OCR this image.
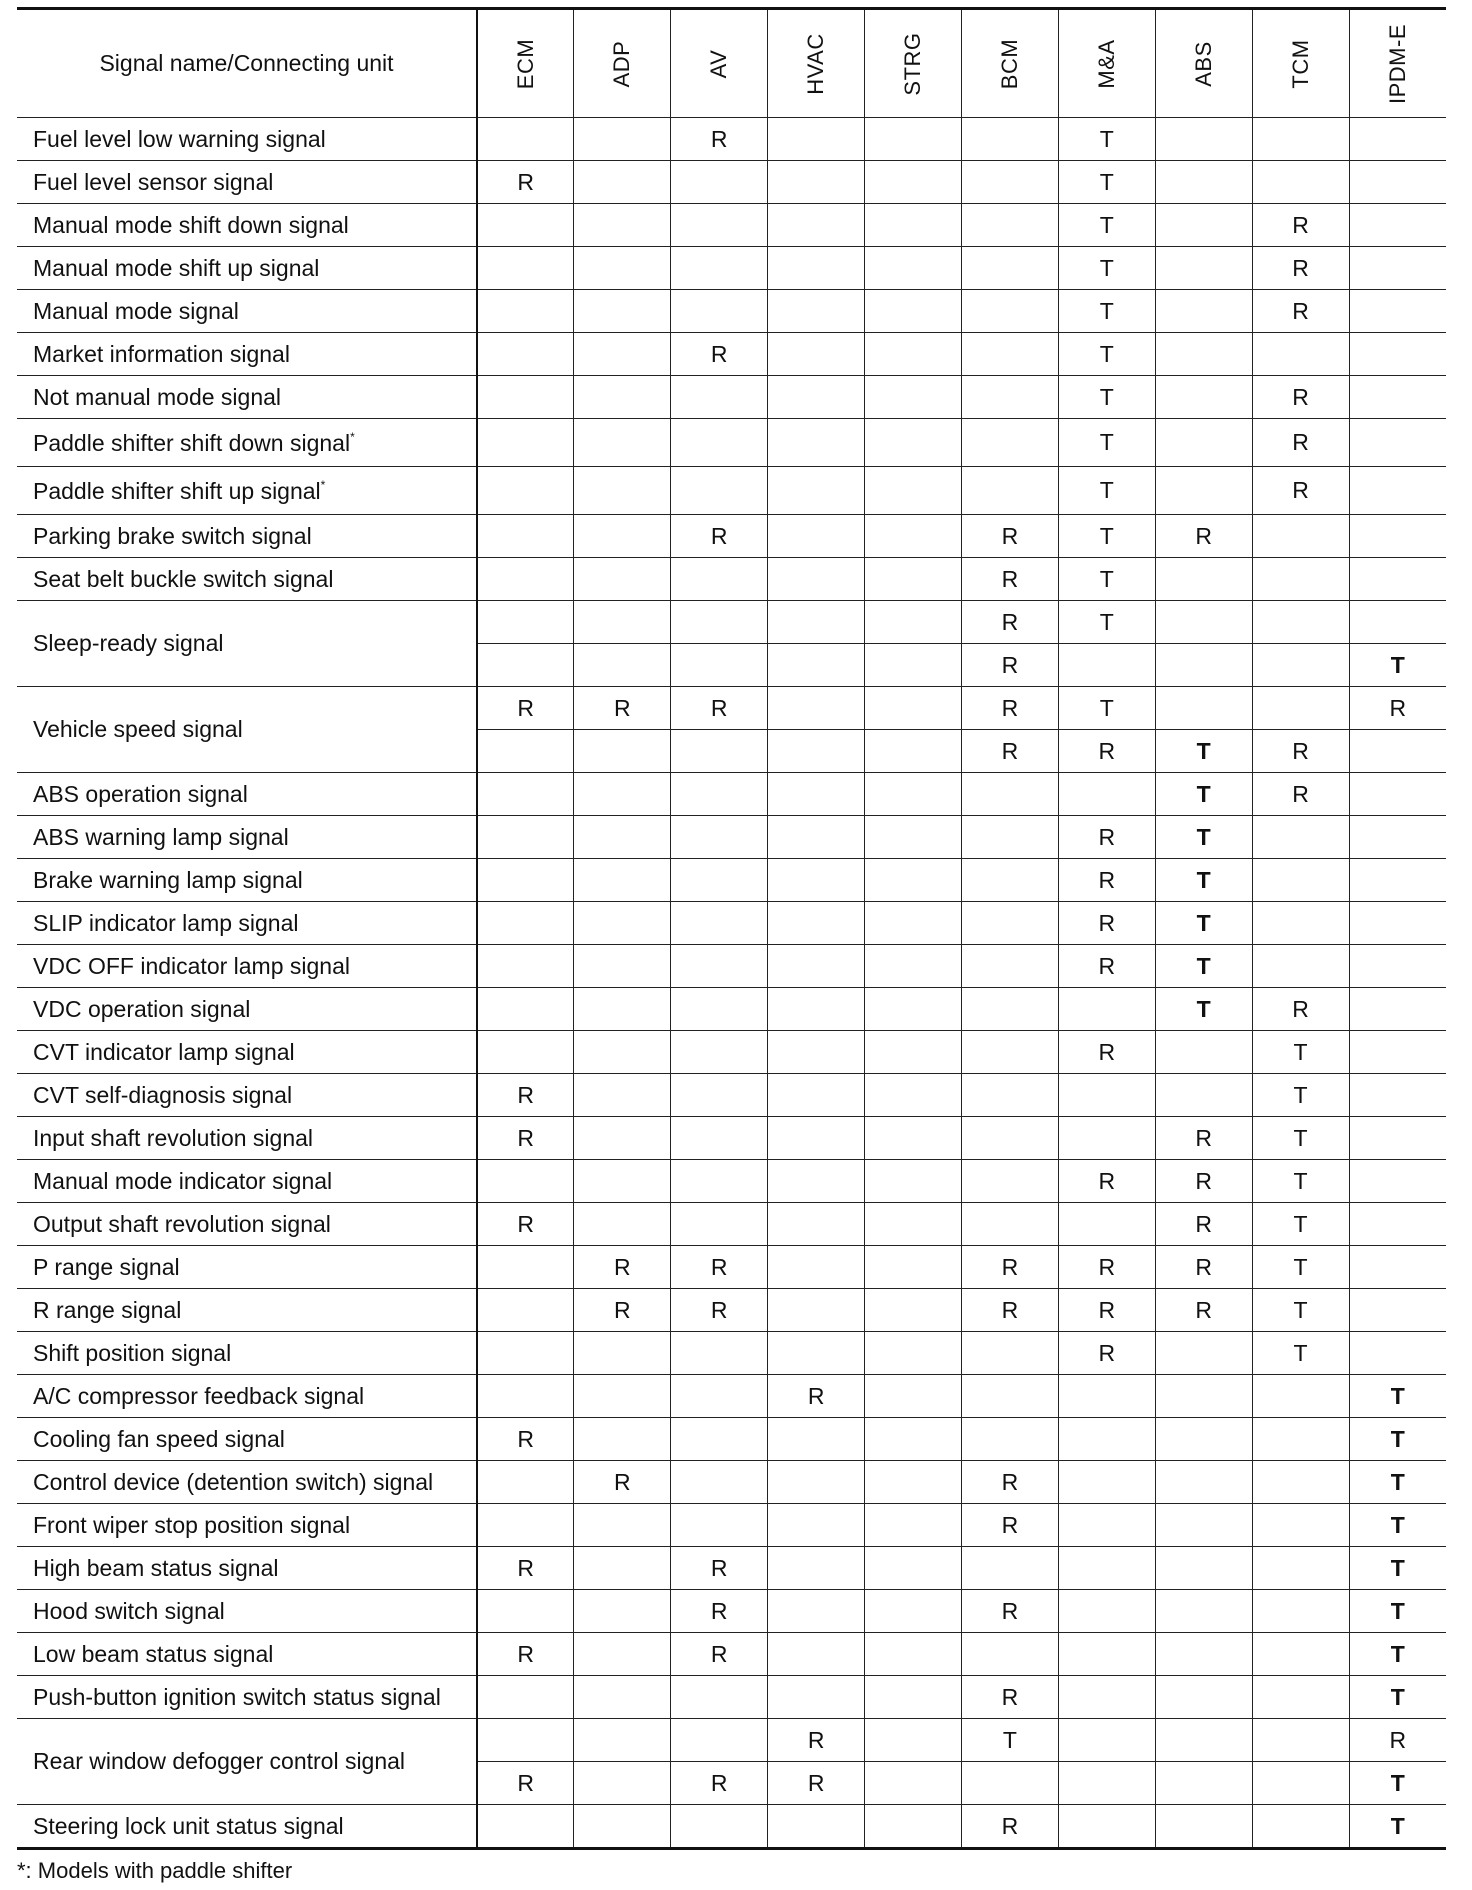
Signal name/Connecting unit	ECM	ADP	AV	HVAC	STRG	BCM	M&A	ABS	TCM	IPDM-E

Fuel level low warning signal			R				T			
Fuel level sensor signal	R						T			
Manual mode shift down signal							T		R	
Manual mode shift up signal							T		R	
Manual mode signal							T		R	
Market information signal			R				T			
Not manual mode signal							T		R	
Paddle shifter shift down signal*							T		R	
Paddle shifter shift up signal*							T		R	
Parking brake switch signal			R			R	T	R		
Seat belt buckle switch signal						R	T			
Sleep-ready signal						R	T			
						R				T
Vehicle speed signal	R	R	R			R	T			R
						R	R	T	R	
ABS operation signal								T	R	
ABS warning lamp signal							R	T		
Brake warning lamp signal							R	T		
SLIP indicator lamp signal							R	T		
VDC OFF indicator lamp signal							R	T		
VDC operation signal								T	R	
CVT indicator lamp signal							R		T	
CVT self-diagnosis signal	R								T	
Input shaft revolution signal	R							R	T	
Manual mode indicator signal							R	R	T	
Output shaft revolution signal	R							R	T	
P range signal		R	R			R	R	R	T	
R range signal		R	R			R	R	R	T	
Shift position signal							R		T	
A/C compressor feedback signal				R						T
Cooling fan speed signal	R									T
Control device (detention switch) signal		R				R				T
Front wiper stop position signal						R				T
High beam status signal	R		R							T
Hood switch signal			R			R				T
Low beam status signal	R		R							T
Push-button ignition switch status signal						R				T
Rear window defogger control signal				R		T				R
	R		R	R						T
Steering lock unit status signal						R				T
*: Models with paddle shifter
